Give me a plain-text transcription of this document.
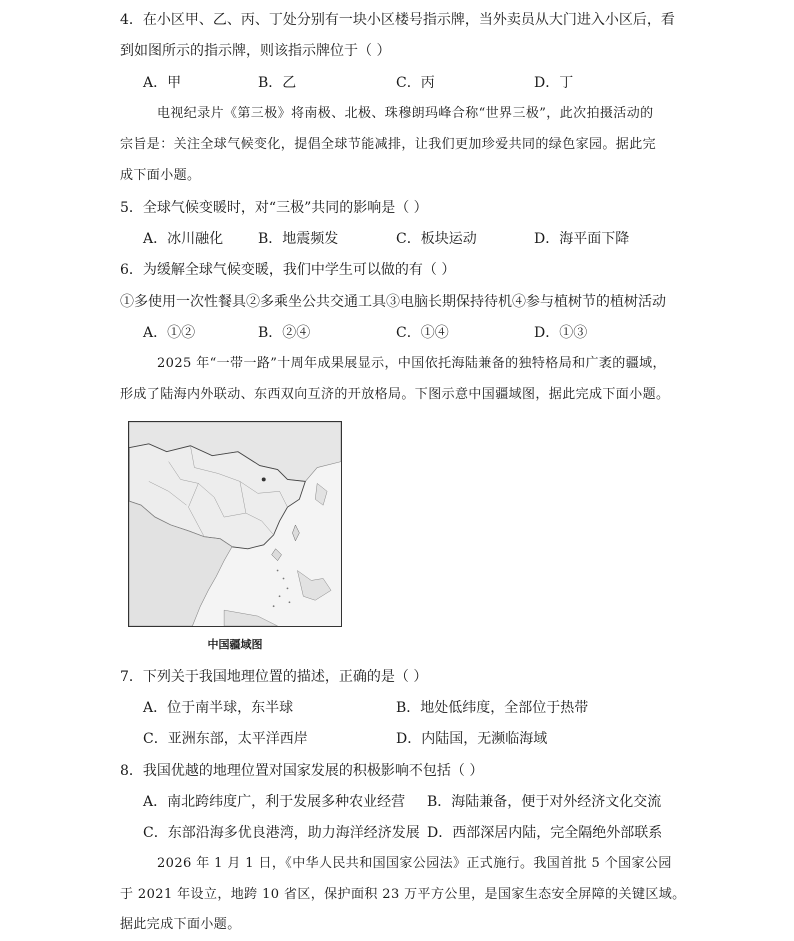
4．在小区甲、乙、丙、丁处分别有一块小区楼号指示牌，当外卖员从大门进入小区后，看
到如图所示的指示牌，则该指示牌位于（ ）
A．甲	B．乙	C．丙	D．丁
电视纪录片《第三极》将南极、北极、珠穆朗玛峰合称“世界三极”，此次拍摄活动的
宗旨是：关注全球气候变化，提倡全球节能减排，让我们更加珍爱共同的绿色家园。据此完
成下面小题。
5．全球气候变暖时，对“三极”共同的影响是（ ）
A．冰川融化 B．地震频发	C．板块运动	D．海平面下降
6．为缓解全球气候变暖，我们中学生可以做的有（ ）
①多使用一次性餐具②多乘坐公共交通工具③电脑长期保持待机④参与植树节的植树活动
A．①②	B．②④	C．①④	D．①③
2025 年“一带一路”十周年成果展显示，中国依托海陆兼备的独特格局和广袤的疆域，
形成了陆海内外联动、东西双向互济的开放格局。下图示意中国疆域图，据此完成下面小题。
中国疆域图
7．下列关于我国地理位置的描述，正确的是（ ）
A．位于南半球，东半球	B．地处低纬度，全部位于热带
C．亚洲东部，太平洋西岸	D．内陆国，无濒临海域
8．我国优越的地理位置对国家发展的积极影响不包括（ ）
A．南北跨纬度广，利于发展多种农业经营 B．海陆兼备，便于对外经济文化交流
C．东部沿海多优良港湾，助力海洋经济发展 D．西部深居内陆，完全隔绝外部联系
2026 年 1 月 1 日，《中华人民共和国国家公园法》正式施行。我国首批 5 个国家公园
于 2021 年设立，地跨 10 省区，保护面积 23 万平方公里，是国家生态安全屏障的关键区域。
据此完成下面小题。
